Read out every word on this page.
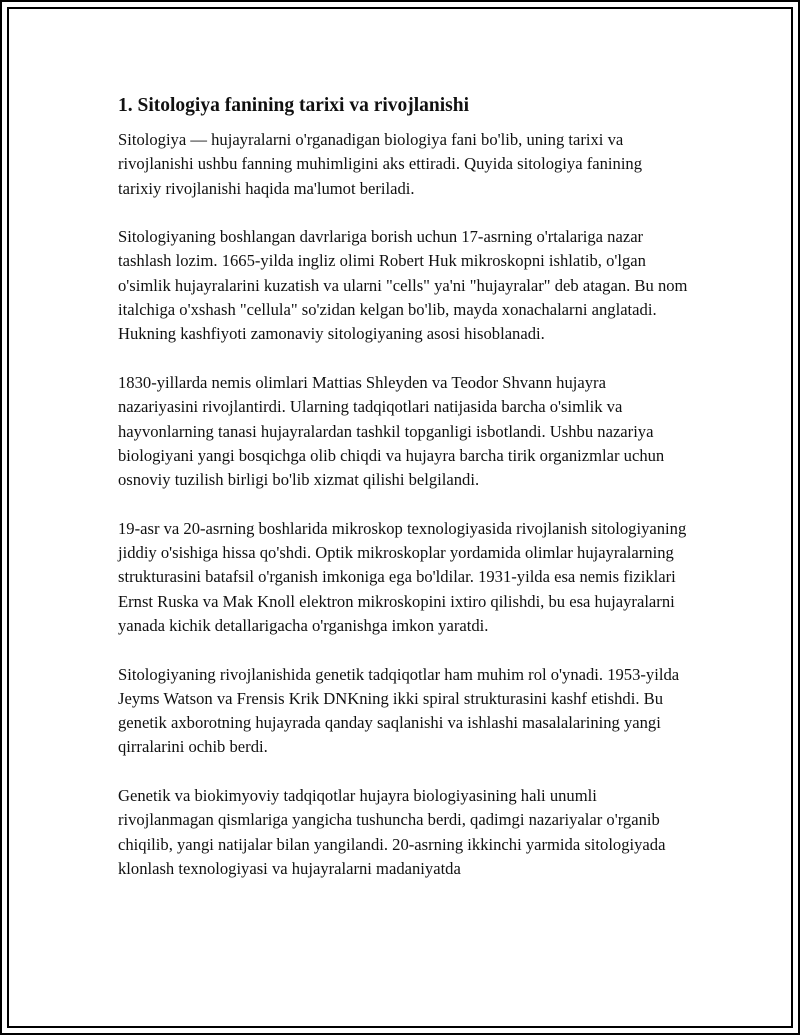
1. Sitologiya fanining tarixi va rivojlanishi

Sitologiya — hujayralarni o'rganadigan biologiya fani bo'lib, uning tarixi va rivojlanishi ushbu fanning muhimligini aks ettiradi. Quyida sitologiya fanining tarixiy rivojlanishi haqida ma'lumot beriladi.

Sitologiyaning boshlangan davrlariga borish uchun 17-asrning o'rtalariga nazar tashlash lozim. 1665-yilda ingliz olimi Robert Huk mikroskopni ishlatib, o'lgan o'simlik hujayralarini kuzatish va ularni "cells" ya'ni "hujayralar" deb atagan. Bu nom italchiga o'xshash "cellula" so'zidan kelgan bo'lib, mayda xonachalarni anglatadi. Hukning kashfiyoti zamonaviy sitologiyaning asosi hisoblanadi.

1830-yillarda nemis olimlari Mattias Shleyden va Teodor Shvann hujayra nazariyasini rivojlantirdi. Ularning tadqiqotlari natijasida barcha o'simlik va hayvonlarning tanasi hujayralardan tashkil topganligi isbotlandi. Ushbu nazariya biologiyani yangi bosqichga olib chiqdi va hujayra barcha tirik organizmlar uchun osnoviy tuzilish birligi bo'lib xizmat qilishi belgilandi.

19-asr va 20-asrning boshlarida mikroskop texnologiyasida rivojlanish sitologiyaning jiddiy o'sishiga hissa qo'shdi. Optik mikroskoplar yordamida olimlar hujayralarning strukturasini batafsil o'rganish imkoniga ega bo'ldilar. 1931-yilda esa nemis fiziklari Ernst Ruska va Mak Knoll elektron mikroskopini ixtiro qilishdi, bu esa hujayralarni yanada kichik detallarigacha o'rganishga imkon yaratdi.

Sitologiyaning rivojlanishida genetik tadqiqotlar ham muhim rol o'ynadi. 1953-yilda Jeyms Watson va Frensis Krik DNKning ikki spiral strukturasini kashf etishdi. Bu genetik axborotning hujayrada qanday saqlanishi va ishlashi masalalarining yangi qirralarini ochib berdi.

Genetik va biokimyoviy tadqiqotlar hujayra biologiyasining hali unumli rivojlanmagan qismlariga yangicha tushuncha berdi, qadimgi nazariyalar o'rganib chiqilib, yangi natijalar bilan yangilandi. 20-asrning ikkinchi yarmida sitologiyada klonlash texnologiyasi va hujayralarni madaniyatda
